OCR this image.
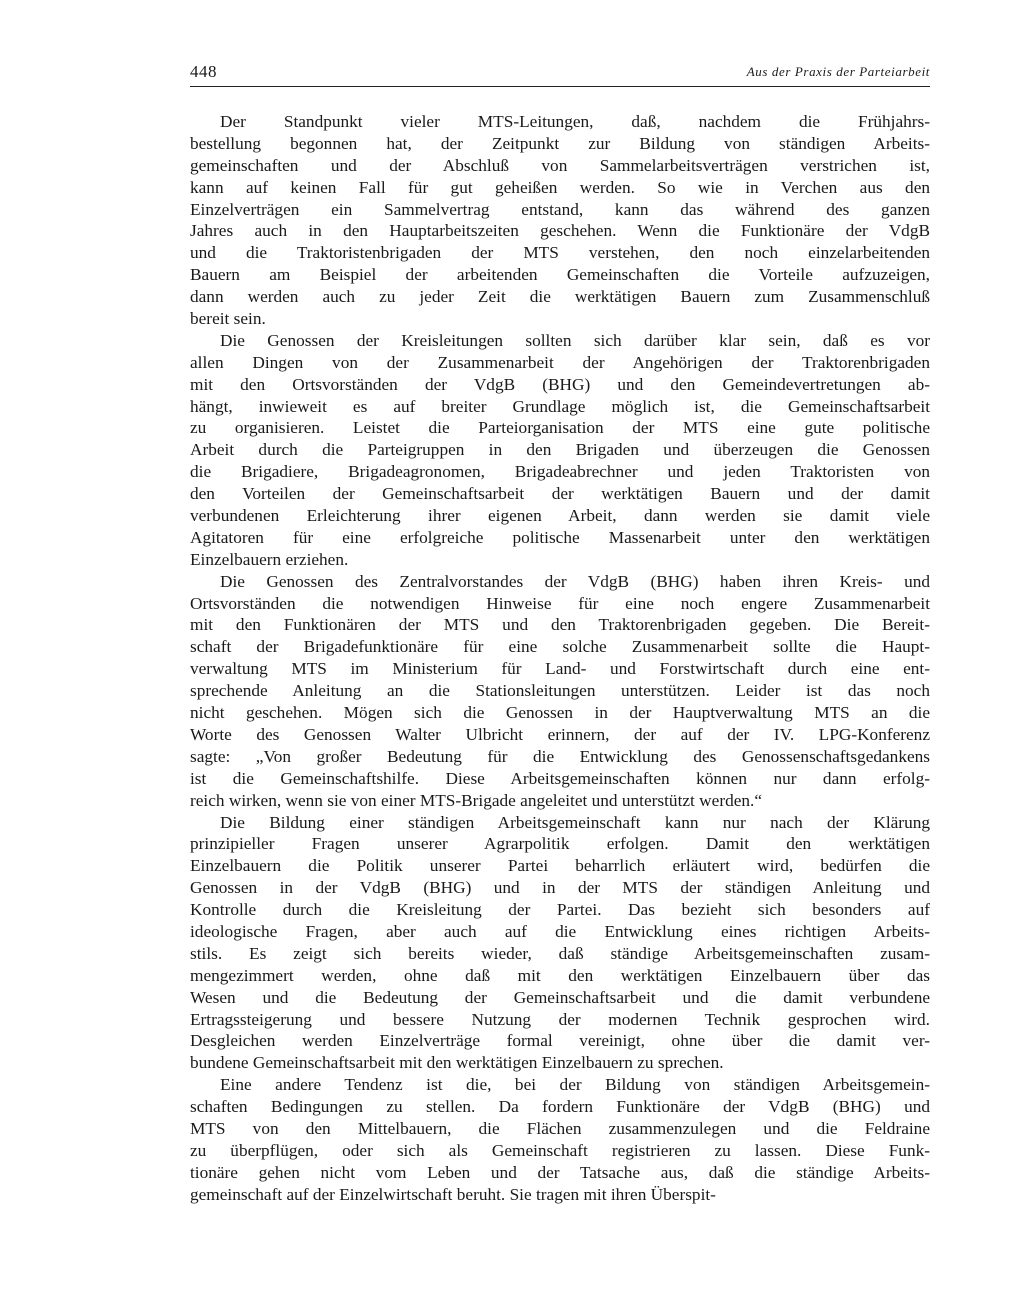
448	Aus der Praxis der Parteiarbeit
Der Standpunkt vieler MTS-Leitungen, daß, nachdem die Frühjahrs-
bestellung begonnen hat, der Zeitpunkt zur Bildung von ständigen Arbeits-
gemeinschaften und der Abschluß von Sammelarbeitsverträgen verstrichen ist,
kann auf keinen Fall für gut geheißen werden. So wie in Verchen aus den
Einzelverträgen ein Sammelvertrag entstand, kann das während des ganzen
Jahres auch in den Hauptarbeitszeiten geschehen. Wenn die Funktionäre der VdgB
und die Traktoristenbrigaden der MTS verstehen, den noch einzelarbeitenden
Bauern am Beispiel der arbeitenden Gemeinschaften die Vorteile aufzuzeigen,
dann werden auch zu jeder Zeit die werktätigen Bauern zum Zusammenschluß
bereit sein.
Die Genossen der Kreisleitungen sollten sich darüber klar sein, daß es vor
allen Dingen von der Zusammenarbeit der Angehörigen der Traktorenbrigaden
mit den Ortsvorständen der VdgB (BHG) und den Gemeindevertretungen ab-
hängt, inwieweit es auf breiter Grundlage möglich ist, die Gemeinschaftsarbeit
zu organisieren. Leistet die Parteiorganisation der MTS eine gute politische
Arbeit durch die Parteigruppen in den Brigaden und überzeugen die Genossen
die Brigadiere, Brigadeagronomen, Brigadeabrechner und jeden Traktoristen von
den Vorteilen der Gemeinschaftsarbeit der werktätigen Bauern und der damit
verbundenen Erleichterung ihrer eigenen Arbeit, dann werden sie damit viele
Agitatoren für eine erfolgreiche politische Massenarbeit unter den werktätigen
Einzelbauern erziehen.
Die Genossen des Zentralvorstandes der VdgB (BHG) haben ihren Kreis- und
Ortsvorständen die notwendigen Hinweise für eine noch engere Zusammenarbeit
mit den Funktionären der MTS und den Traktorenbrigaden gegeben. Die Bereit-
schaft der Brigadefunktionäre für eine solche Zusammenarbeit sollte die Haupt-
verwaltung MTS im Ministerium für Land- und Forstwirtschaft durch eine ent-
sprechende Anleitung an die Stationsleitungen unterstützen. Leider ist das noch
nicht geschehen. Mögen sich die Genossen in der Hauptverwaltung MTS an die
Worte des Genossen Walter Ulbricht erinnern, der auf der IV. LPG-Konferenz
sagte: „Von großer Bedeutung für die Entwicklung des Genossenschaftsgedankens
ist die Gemeinschaftshilfe. Diese Arbeitsgemeinschaften können nur dann erfolg-
reich wirken, wenn sie von einer MTS-Brigade angeleitet und unterstützt werden.“
Die Bildung einer ständigen Arbeitsgemeinschaft kann nur nach der Klärung
prinzipieller Fragen unserer Agrarpolitik erfolgen. Damit den werktätigen
Einzelbauern die Politik unserer Partei beharrlich erläutert wird, bedürfen die
Genossen in der VdgB (BHG) und in der MTS der ständigen Anleitung und
Kontrolle durch die Kreisleitung der Partei. Das bezieht sich besonders auf
ideologische Fragen, aber auch auf die Entwicklung eines richtigen Arbeits-
stils. Es zeigt sich bereits wieder, daß ständige Arbeitsgemeinschaften zusam-
mengezimmert werden, ohne daß mit den werktätigen Einzelbauern über das
Wesen und die Bedeutung der Gemeinschaftsarbeit und die damit verbundene
Ertragssteigerung und bessere Nutzung der modernen Technik gesprochen wird.
Desgleichen werden Einzelverträge formal vereinigt, ohne über die damit ver-
bundene Gemeinschaftsarbeit mit den werktätigen Einzelbauern zu sprechen.
Eine andere Tendenz ist die, bei der Bildung von ständigen Arbeitsgemein-
schaften Bedingungen zu stellen. Da fordern Funktionäre der VdgB (BHG) und
MTS von den Mittelbauern, die Flächen zusammenzulegen und die Feldraine
zu überpflügen, oder sich als Gemeinschaft registrieren zu lassen. Diese Funk-
tionäre gehen nicht vom Leben und der Tatsache aus, daß die ständige Arbeits-
gemeinschaft auf der Einzelwirtschaft beruht. Sie tragen mit ihren Überspit-
